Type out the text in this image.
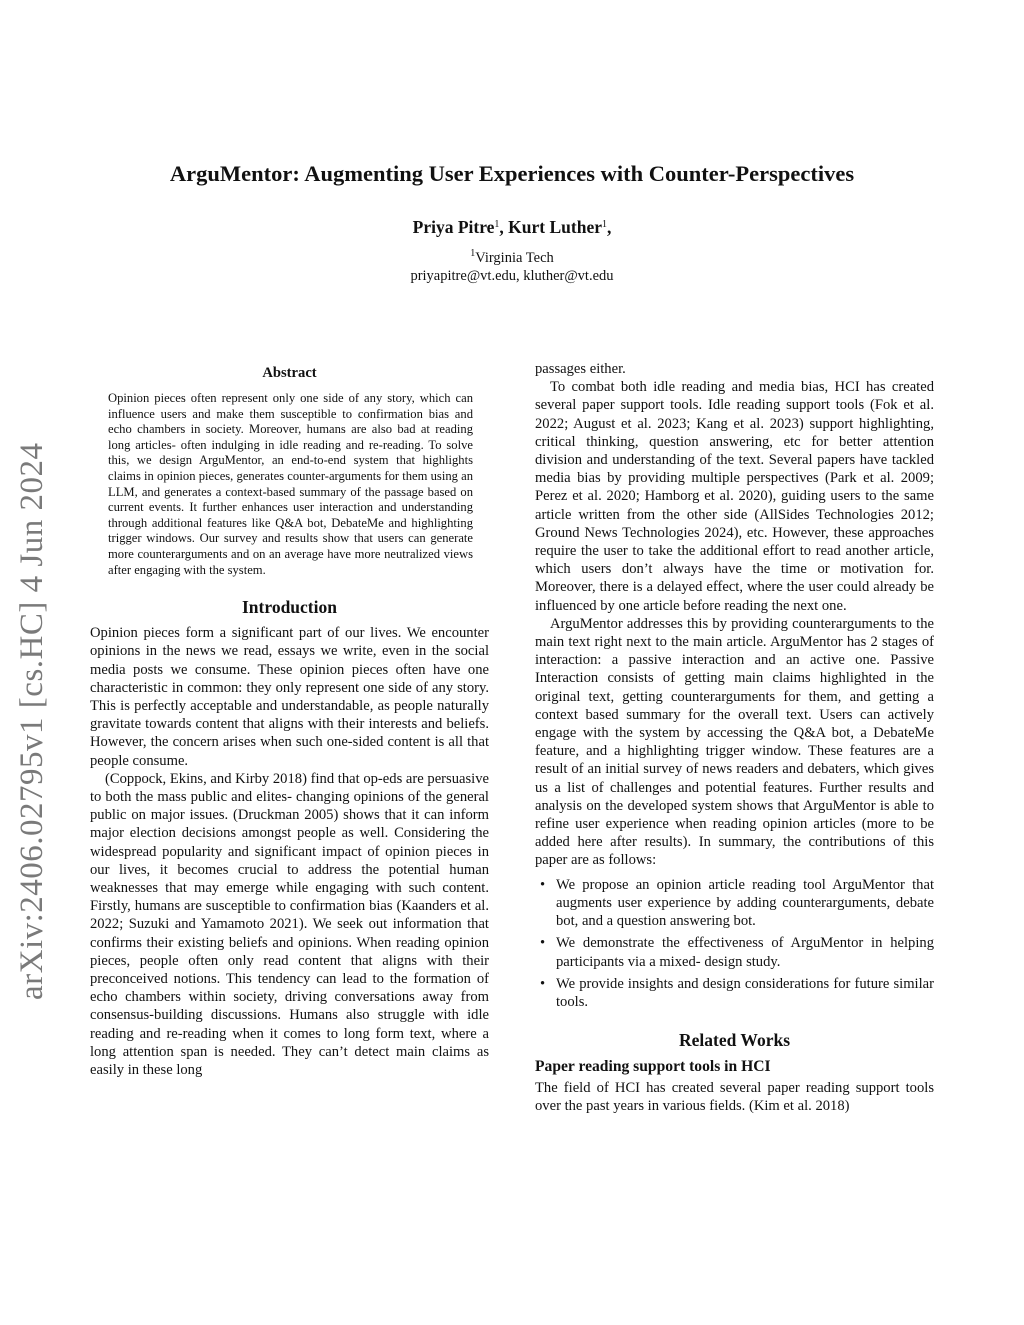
arXiv:2406.02795v1 [cs.HC] 4 Jun 2024
ArguMentor: Augmenting User Experiences with Counter-Perspectives
Priya Pitre$^1$, Kurt Luther$^1$,
$^1$Virginia Tech
priyapitre@vt.edu, kluther@vt.edu
Abstract
Opinion pieces often represent only one side of any story, which can influence users and make them susceptible to confirmation bias and echo chambers in society. Moreover, humans are also bad at reading long articles- often indulging in idle reading and re-reading. To solve this, we design ArguMentor, an end-to-end system that highlights claims in opinion pieces, generates counter-arguments for them using an LLM, and generates a context-based summary of the passage based on current events. It further enhances user interaction and understanding through additional features like Q&A bot, DebateMe and highlighting trigger windows. Our survey and results show that users can generate more counterarguments and on an average have more neutralized views after engaging with the system.
Introduction

Opinion pieces form a significant part of our lives. We encounter opinions in the news we read, essays we write, even in the social media posts we consume. These opinion pieces often have one characteristic in common: they only represent one side of any story. This is perfectly acceptable and understandable, as people naturally gravitate towards content that aligns with their interests and beliefs. However, the concern arises when such one-sided content is all that people consume.

(Coppock, Ekins, and Kirby 2018) find that op-eds are persuasive to both the mass public and elites- changing opinions of the general public on major issues. (Druckman 2005) shows that it can inform major election decisions amongst people as well. Considering the widespread popularity and significant impact of opinion pieces in our lives, it becomes crucial to address the potential human weaknesses that may emerge while engaging with such content. Firstly, humans are susceptible to confirmation bias (Kaanders et al. 2022; Suzuki and Yamamoto 2021). We seek out information that confirms their existing beliefs and opinions. When reading opinion pieces, people often only read content that aligns with their preconceived notions. This tendency can lead to the formation of echo chambers within society, driving conversations away from consensus-building discussions. Humans also struggle with idle reading and re-reading when it comes to long form text, where a long attention span is needed. They can’t detect main claims as easily in these long

passages either.

To combat both idle reading and media bias, HCI has created several paper support tools. Idle reading support tools (Fok et al. 2022; August et al. 2023; Kang et al. 2023) support highlighting, critical thinking, question answering, etc for better attention division and understanding of the text. Several papers have tackled media bias by providing multiple perspectives (Park et al. 2009; Perez et al. 2020; Hamborg et al. 2020), guiding users to the same article written from the other side (AllSides Technologies 2012; Ground News Technologies 2024), etc. However, these approaches require the user to take the additional effort to read another article, which users don’t always have the time or motivation for. Moreover, there is a delayed effect, where the user could already be influenced by one article before reading the next one.

ArguMentor addresses this by providing counterarguments to the main text right next to the main article. ArguMentor has 2 stages of interaction: a passive interaction and an active one. Passive Interaction consists of getting main claims highlighted in the original text, getting counterarguments for them, and getting a context based summary for the overall text. Users can actively engage with the system by accessing the Q&A bot, a DebateMe feature, and a highlighting trigger window. These features are a result of an initial survey of news readers and debaters, which gives us a list of challenges and potential features. Further results and analysis on the developed system shows that ArguMentor is able to refine user experience when reading opinion articles (more to be added here after results). In summary, the contributions of this paper are as follows:

• We propose an opinion article reading tool ArguMentor that augments user experience by adding counterarguments, debate bot, and a question answering bot.
• We demonstrate the effectiveness of ArguMentor in helping participants via a mixed- design study.
• We provide insights and design considerations for future similar tools.
Related Works
Paper reading support tools in HCI

The field of HCI has created several paper reading support tools over the past years in various fields. (Kim et al. 2018)
